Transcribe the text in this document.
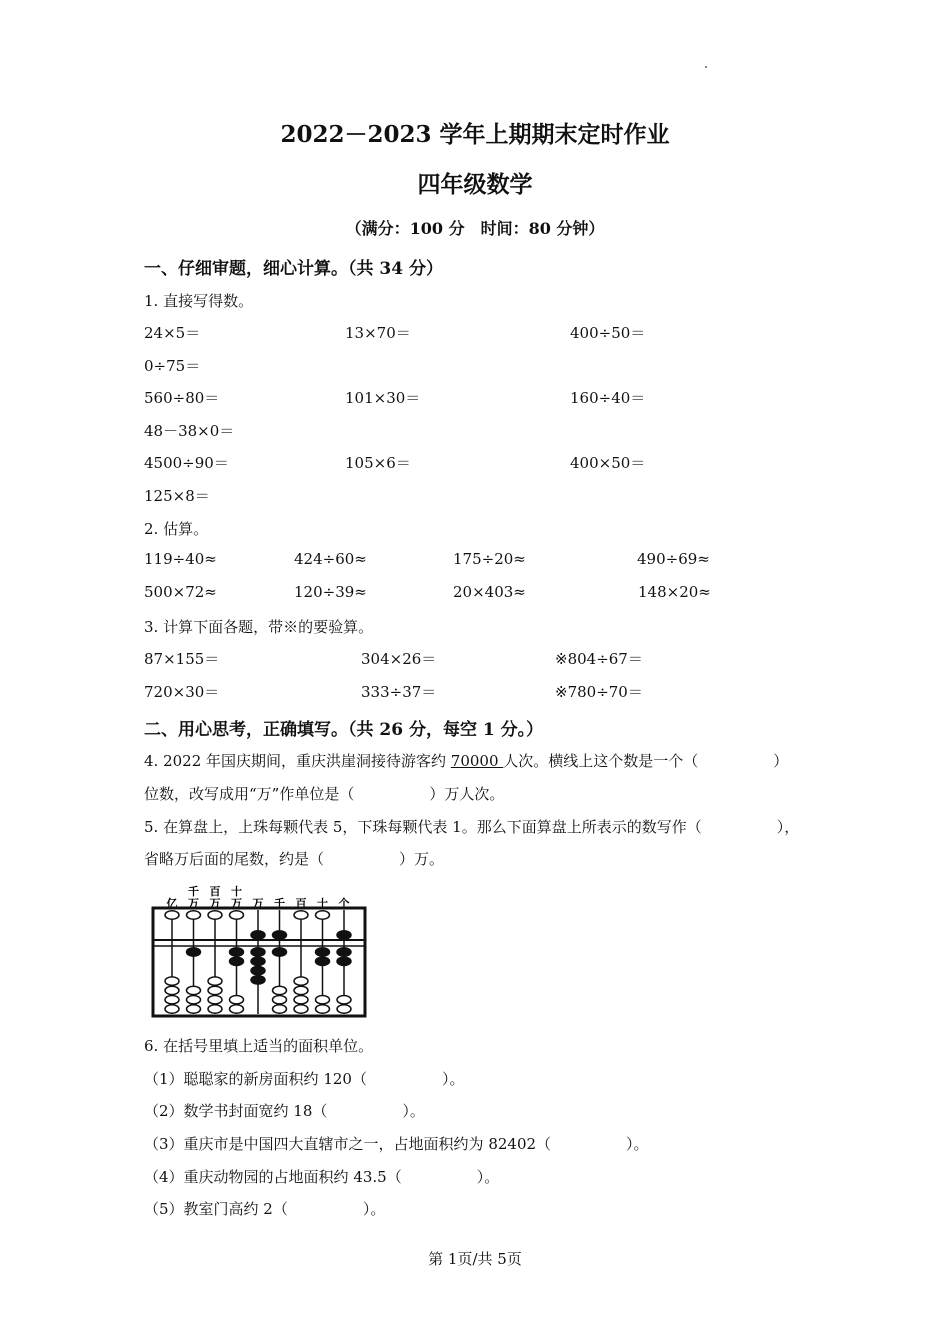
2022－2023 学年上期期末定时作业
四年级数学
（满分：100 分　时间：80 分钟）
一、仔细审题，细心计算。（共 34 分）
1. 直接写得数。
24×5＝	13×70＝	400÷50＝
0÷75＝
560÷80＝	101×30＝	160÷40＝
48－38×0＝
4500÷90＝	105×6＝	400×50＝
125×8＝
2. 估算。
119÷40≈	424÷60≈	175÷20≈	490÷69≈
500×72≈	120÷39≈	20×403≈	148×20≈
3. 计算下面各题，带※的要验算。
87×155＝	304×26＝	※804÷67＝
720×30＝	333÷37＝	※780÷70＝
二、用心思考，正确填写。（共 26 分，每空 1 分。）
4. 2022 年国庆期间，重庆洪崖洞接待游客约 70000 人次。横线上这个数是一个（　　　　　）
位数，改写成用“万”作单位是（　　　　　）万人次。
5. 在算盘上，上珠每颗代表 5，下珠每颗代表 1。那么下面算盘上所表示的数写作（　　　　　），
省略万后面的尾数，约是（　　　　　）万。
亿
千
万
百
万
十
万 万 千 百 十 个
6. 在括号里填上适当的面积单位。
（1）聪聪家的新房面积约 120（　　　　　）。
（2）数学书封面宽约 18（　　　　　）。
（3）重庆市是中国四大直辖市之一，占地面积约为 82402（　　　　　）。
（4）重庆动物园的占地面积约 43.5（　　　　　）。
（5）教室门高约 2（　　　　　）。
第 1页/共 5页
